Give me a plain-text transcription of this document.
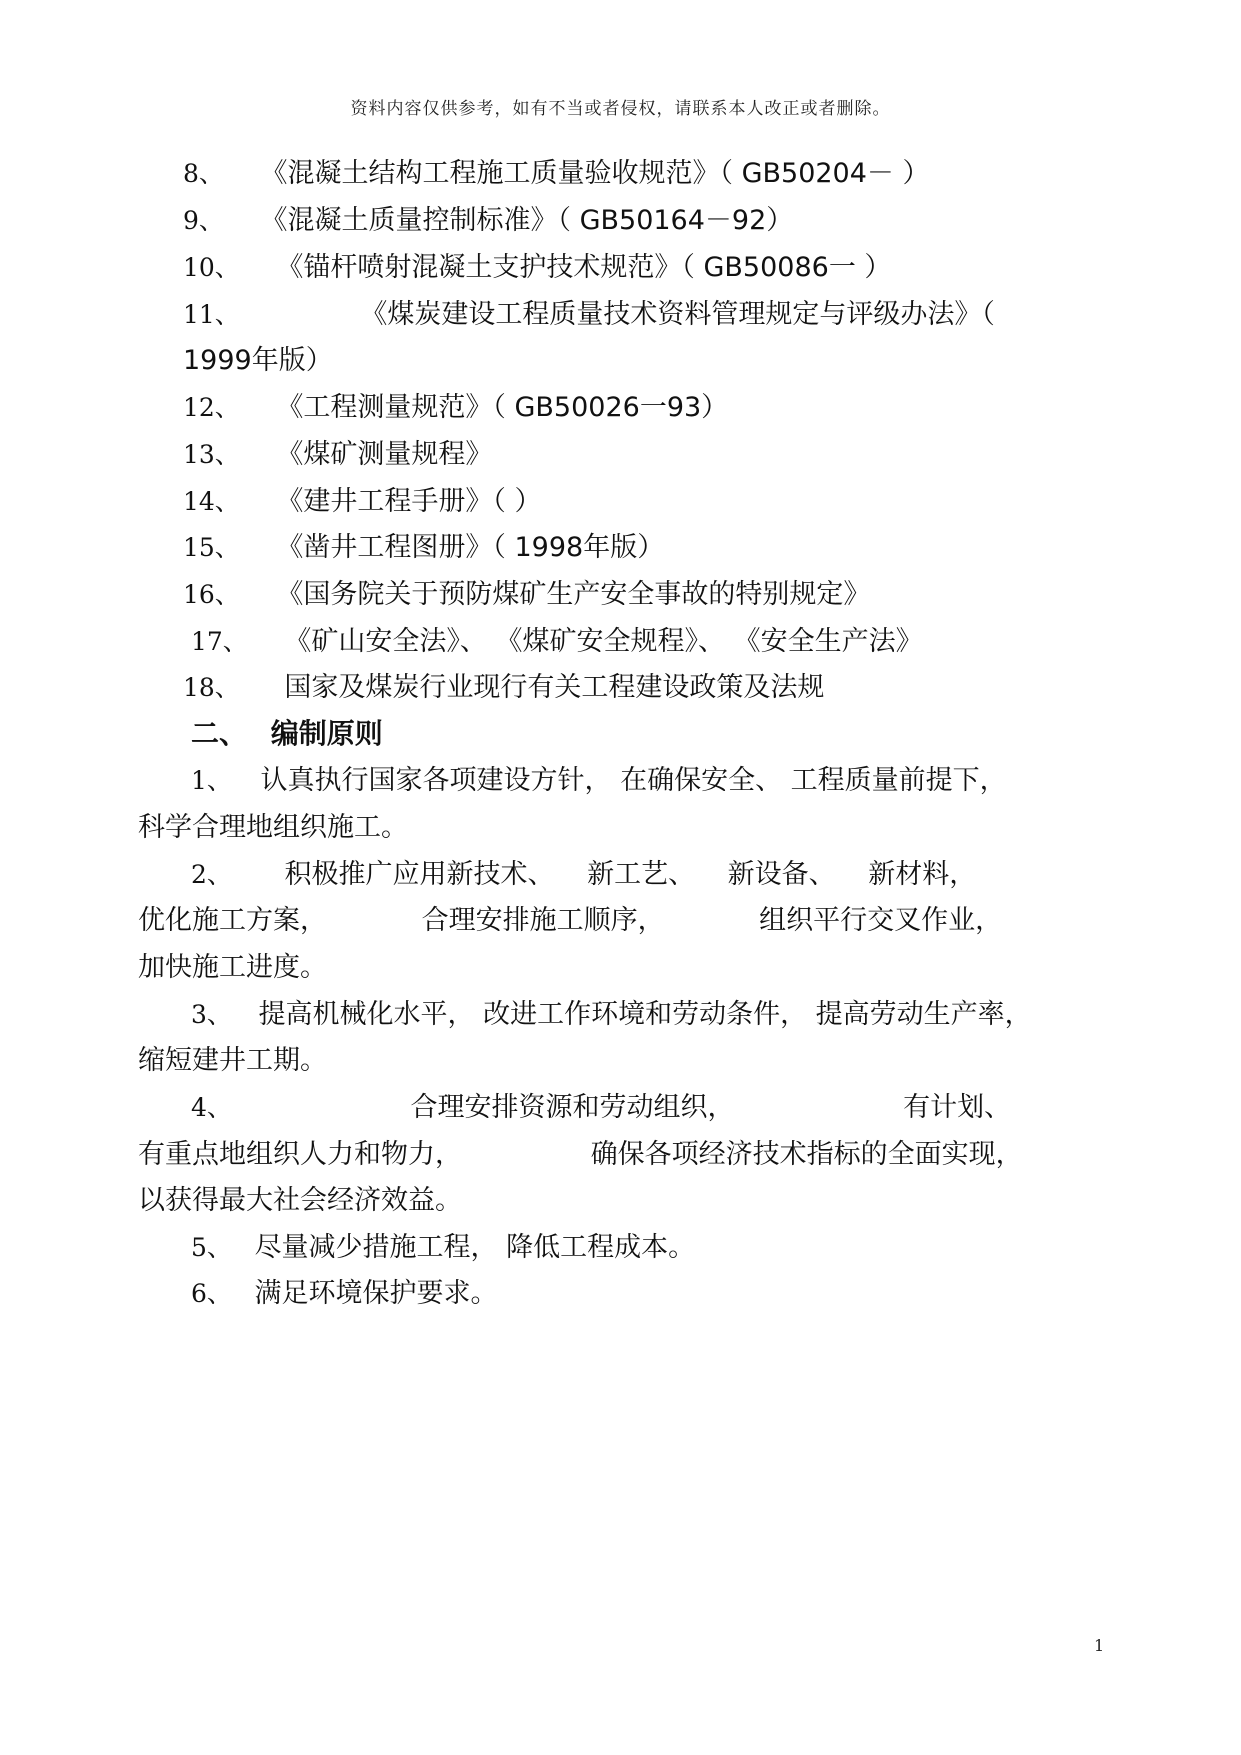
资料内容仅供参考，如有不当或者侵权，请联系本人改正或者删除。
8、 《混凝土结构工程施工质量验收规范》（ GB50204－ ）
9、 《混凝土质量控制标准》（ GB50164－92）
10、 《锚杆喷射混凝土支护技术规范》（ GB50086一 ）
11、	《煤炭建设工程质量技术资料管理规定与评级办法》（
1999年版）
12、 《工程测量规范》（ GB50026一93）
13、 《煤矿测量规程》
14、 《建井工程手册》（ ）
15、 《凿井工程图册》（ 1998年版）
16、 《国务院关于预防煤矿生产安全事故的特别规定》
17、 《矿山安全法》、 《煤矿安全规程》、 《安全生产法》
18、 国家及煤炭行业现行有关工程建设政策及法规
二、 编制原则
1、 认真执行国家各项建设方针， 在确保安全、 工程质量前提下，
科学合理地组织施工。
2、 积极推广应用新技术、 新工艺、 新设备、 新材料，
优化施工方案， 合理安排施工顺序， 组织平行交叉作业，
加快施工进度。
3、 提高机械化水平， 改进工作环境和劳动条件， 提高劳动生产率，
缩短建井工期。
4、	合理安排资源和劳动组织， 有计划、
有重点地组织人力和物力， 确保各项经济技术指标的全面实现，
以获得最大社会经济效益。
5、 尽量减少措施工程， 降低工程成本。
6、 满足环境保护要求。
1
